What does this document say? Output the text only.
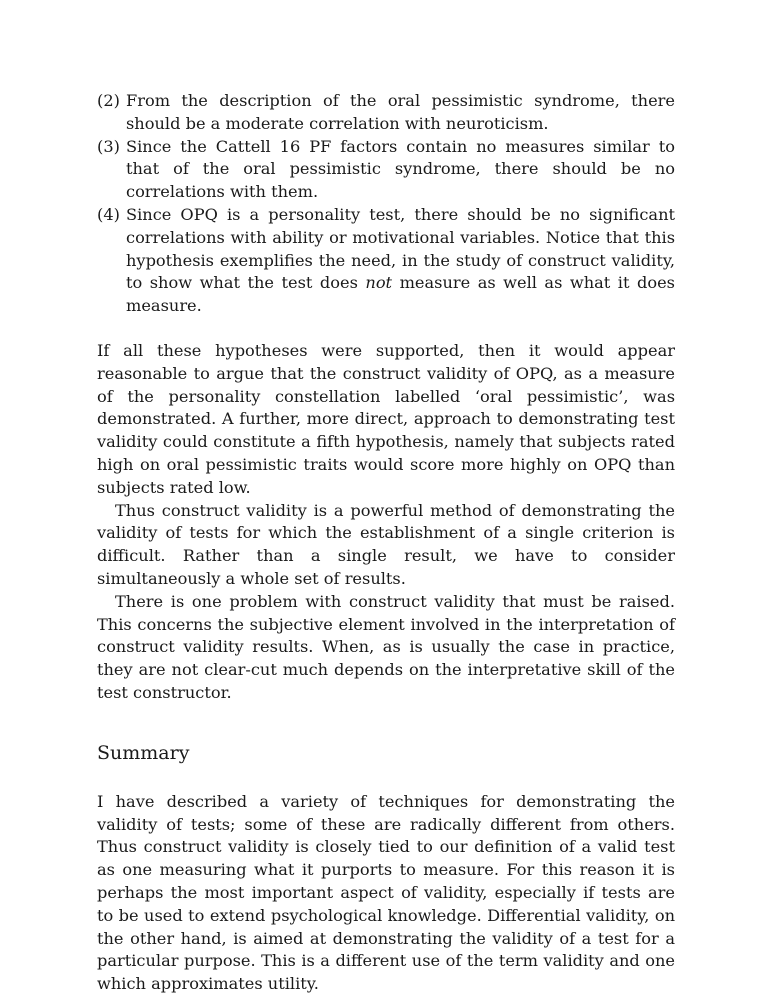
(2) From the description of the oral pessimistic syndrome, there should be a moderate correlation with neuroticism.
(3) Since the Cattell 16 PF factors contain no measures similar to that of the oral pessimistic syndrome, there should be no correlations with them.
(4) Since OPQ is a personality test, there should be no significant correlations with ability or motivational variables. Notice that this hypothesis exemplifies the need, in the study of construct validity, to show what the test does not measure as well as what it does measure.

If all these hypotheses were supported, then it would appear reasonable to argue that the construct validity of OPQ, as a measure of the personality constellation labelled ‘oral pessimistic’, was demonstrated. A further, more direct, approach to demonstrating test validity could constitute a fifth hypothesis, namely that subjects rated high on oral pessimistic traits would score more highly on OPQ than subjects rated low.

Thus construct validity is a powerful method of demonstrating the validity of tests for which the establishment of a single criterion is difficult. Rather than a single result, we have to consider simultaneously a whole set of results.

There is one problem with construct validity that must be raised. This concerns the subjective element involved in the interpretation of construct validity results. When, as is usually the case in practice, they are not clear-cut much depends on the interpretative skill of the test constructor.

Summary

I have described a variety of techniques for demonstrating the validity of tests; some of these are radically different from others. Thus construct validity is closely tied to our definition of a valid test as one measuring what it purports to measure. For this reason it is perhaps the most important aspect of validity, especially if tests are to be used to extend psychological knowledge. Differential validity, on the other hand, is aimed at demonstrating the validity of a test for a particular purpose. This is a different use of the term validity and one which approximates utility.
